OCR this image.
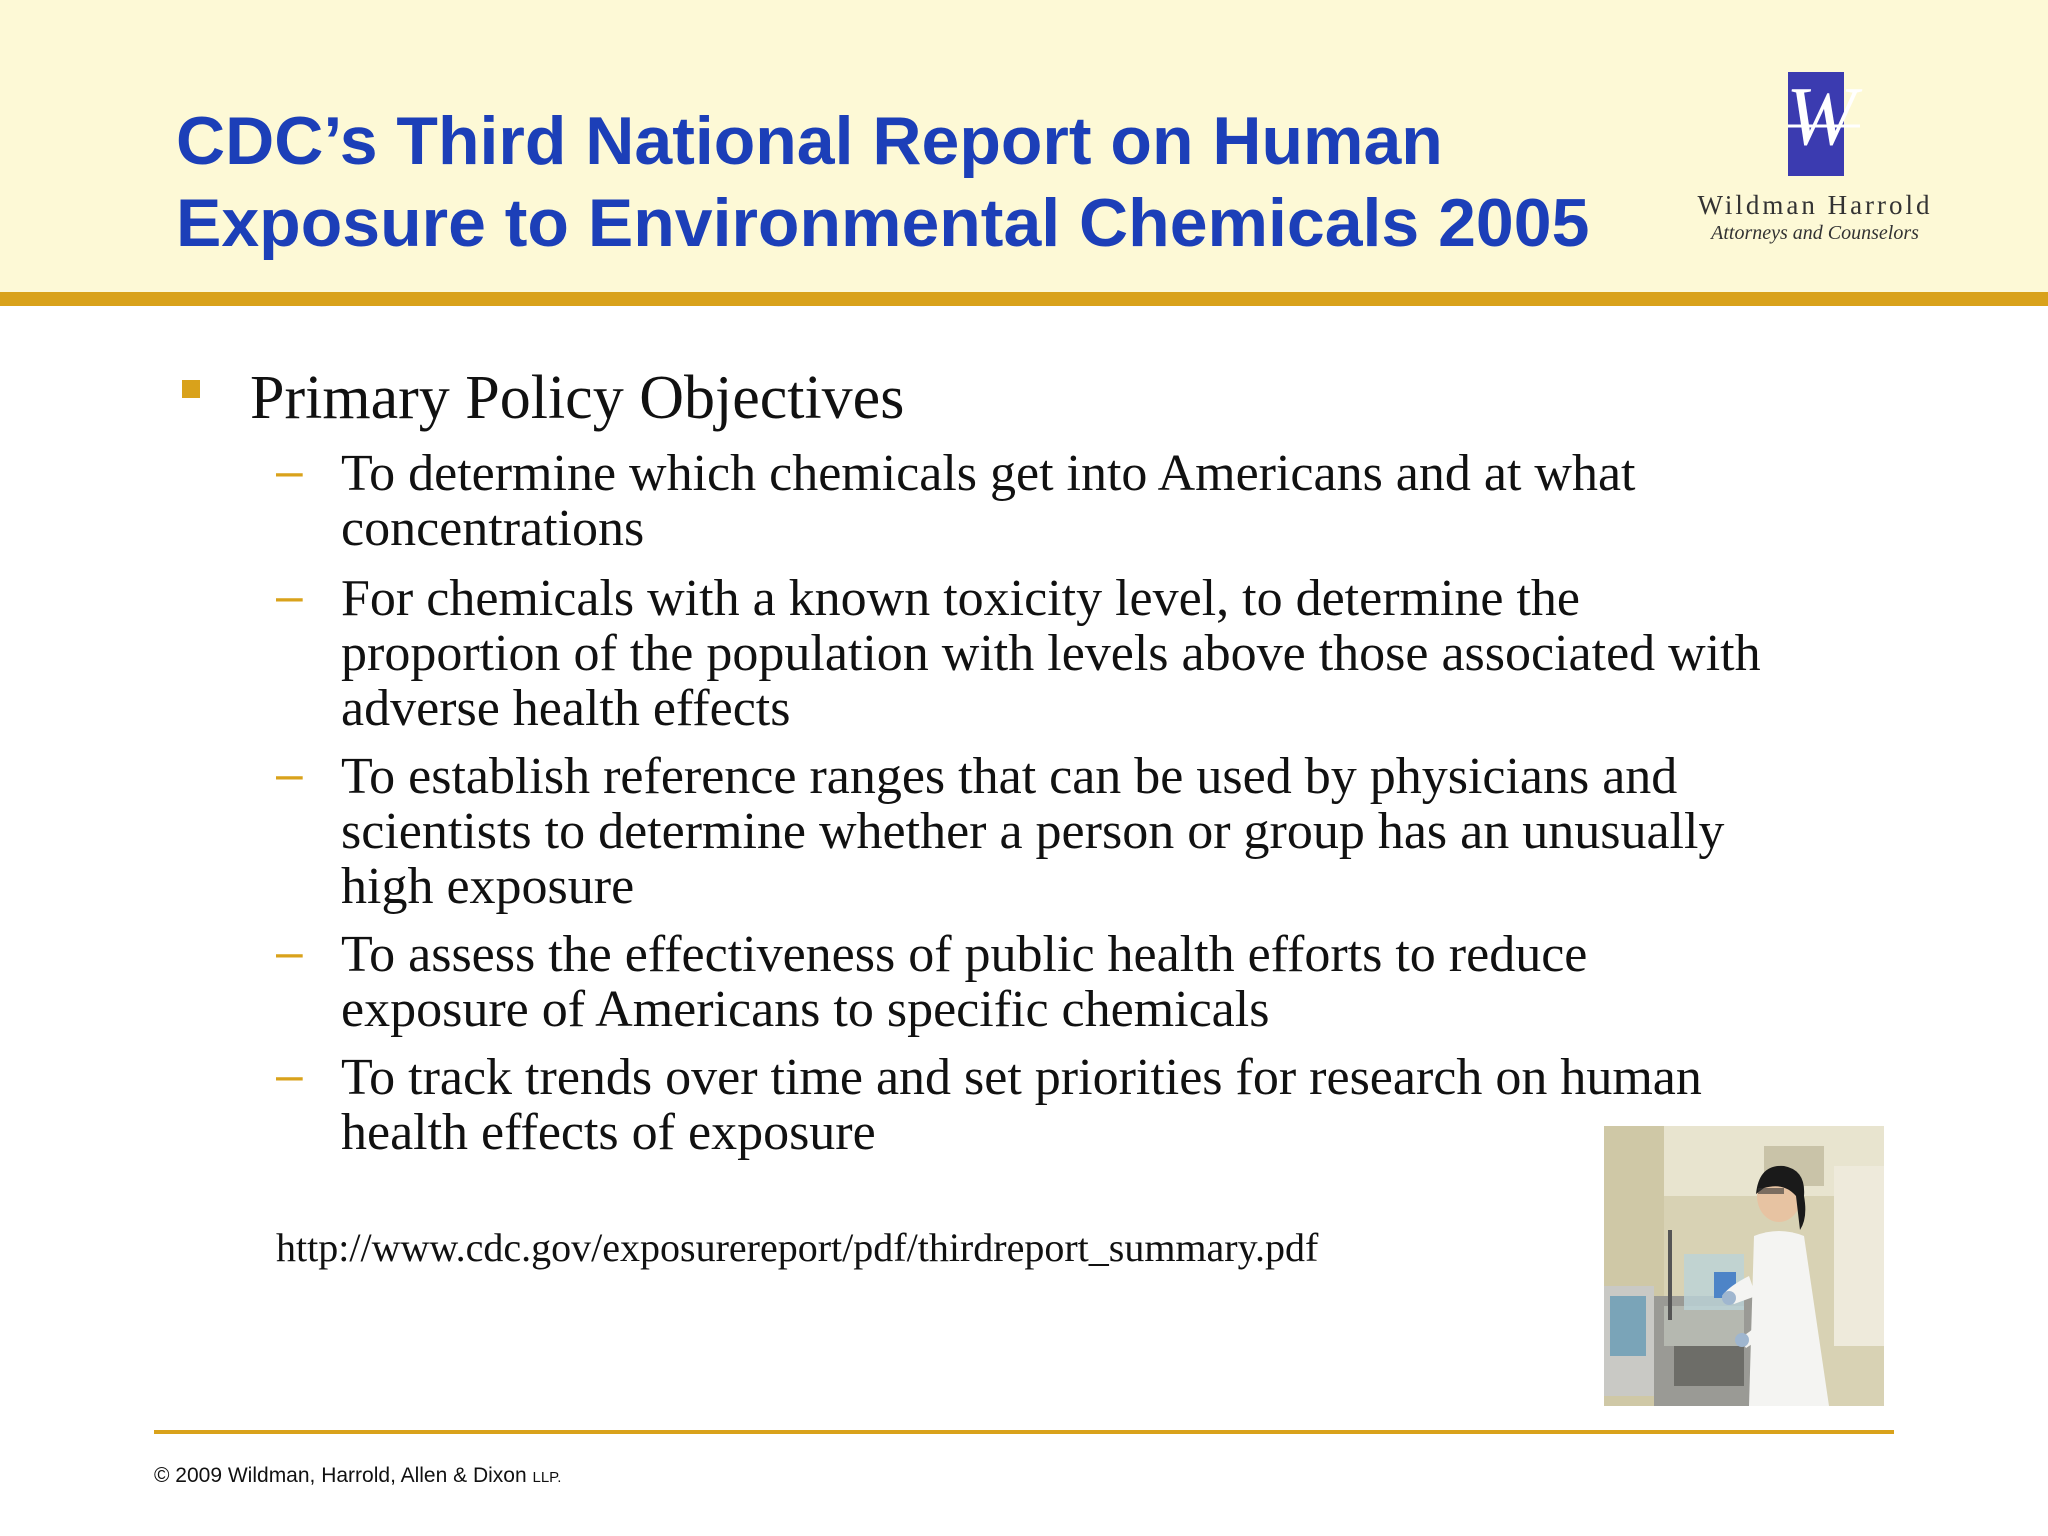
CDC’s Third National Report on Human
Exposure to Environmental Chemicals 2005
W
Wildman Harrold
Attorneys and Counselors
Primary Policy Objectives
– To determine which chemicals get into Americans and at what
concentrations
– For chemicals with a known toxicity level, to determine the
proportion of the population with levels above those associated with
adverse health effects
– To establish reference ranges that can be used by physicians and
scientists to determine whether a person or group has an unusually
high exposure
– To assess the effectiveness of public health efforts to reduce
exposure of Americans to specific chemicals
– To track trends over time and set priorities for research on human
health effects of exposure
http://www.cdc.gov/exposurereport/pdf/thirdreport_summary.pdf
© 2009 Wildman, Harrold, Allen & Dixon LLP.
